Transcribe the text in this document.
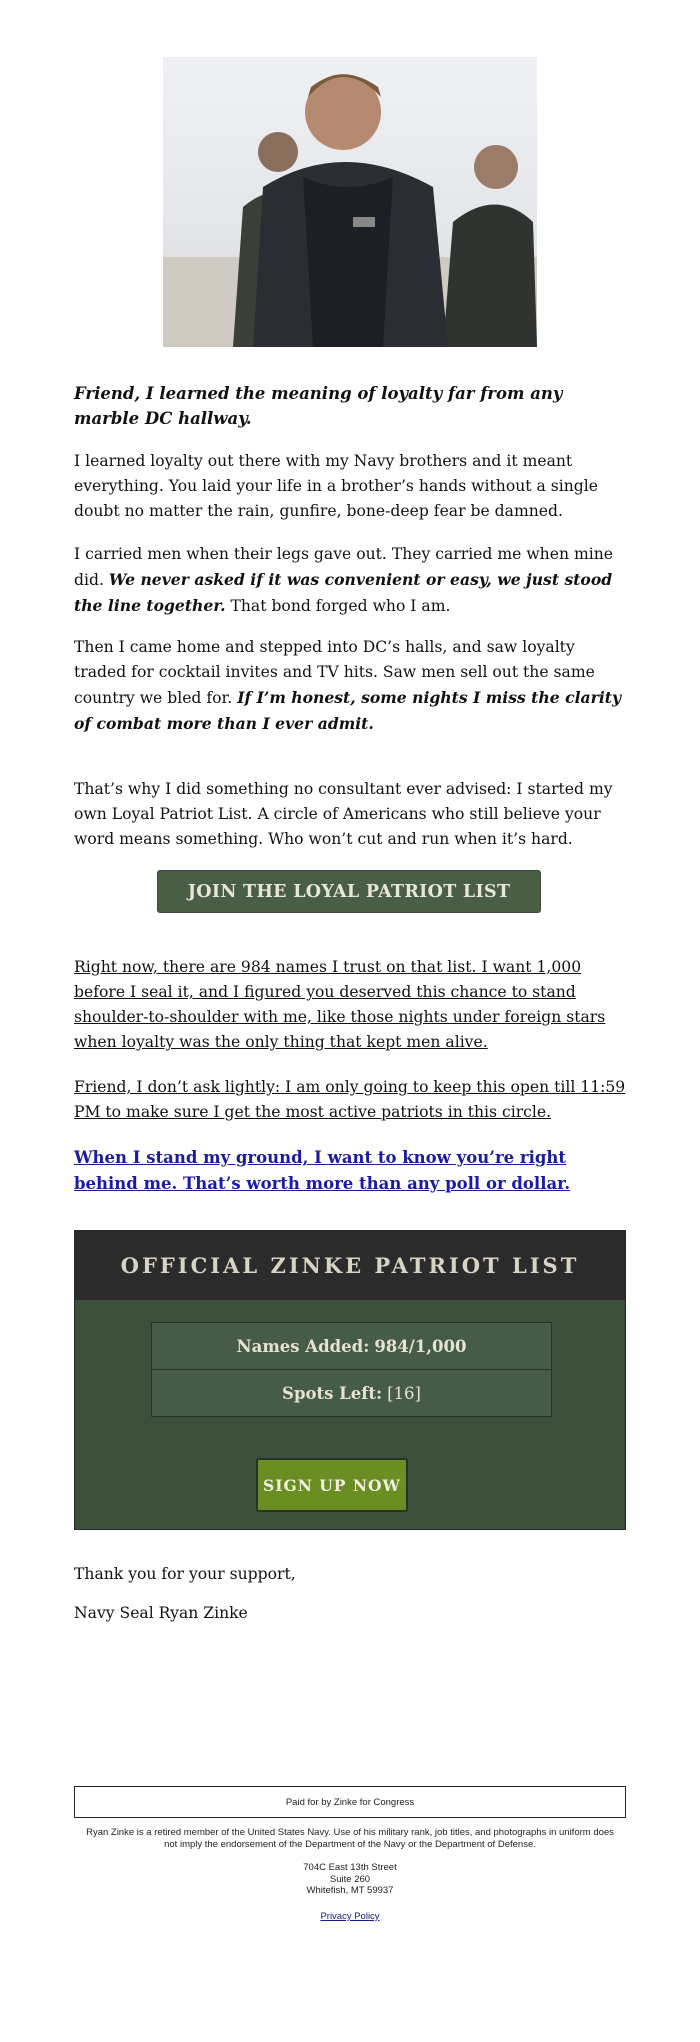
Friend, I learned the meaning of loyalty far from any marble DC hallway.

I learned loyalty out there with my Navy brothers and it meant everything. You laid your life in a brother’s hands without a single doubt no matter the rain, gunfire, bone-deep fear be damned.

I carried men when their legs gave out. They carried me when mine did. We never asked if it was convenient or easy, we just stood the line together. That bond forged who I am.

Then I came home and stepped into DC’s halls, and saw loyalty traded for cocktail invites and TV hits. Saw men sell out the same country we bled for. If I’m honest, some nights I miss the clarity of combat more than I ever admit.

That’s why I did something no consultant ever advised: I started my own Loyal Patriot List. A circle of Americans who still believe your word means something. Who won’t cut and run when it’s hard.

JOIN THE LOYAL PATRIOT LIST

Right now, there are 984 names I trust on that list. I want 1,000 before I seal it, and I figured you deserved this chance to stand shoulder-to-shoulder with me, like those nights under foreign stars when loyalty was the only thing that kept men alive.

Friend, I don’t ask lightly: I am only going to keep this open till 11:59 PM to make sure I get the most active patriots in this circle.

When I stand my ground, I want to know you’re right behind me. That’s worth more than any poll or dollar.

OFFICIAL ZINKE PATRIOT LIST
Names Added: 984/1,000
Spots Left: [16]
SIGN UP NOW

Thank you for your support,

Navy Seal Ryan Zinke

Paid for by Zinke for Congress
Ryan Zinke is a retired member of the United States Navy. Use of his military rank, job titles, and photographs in uniform does not imply the endorsement of the Department of the Navy or the Department of Defense.
704C East 13th Street
Suite 260
Whitefish, MT 59937
Privacy Policy
